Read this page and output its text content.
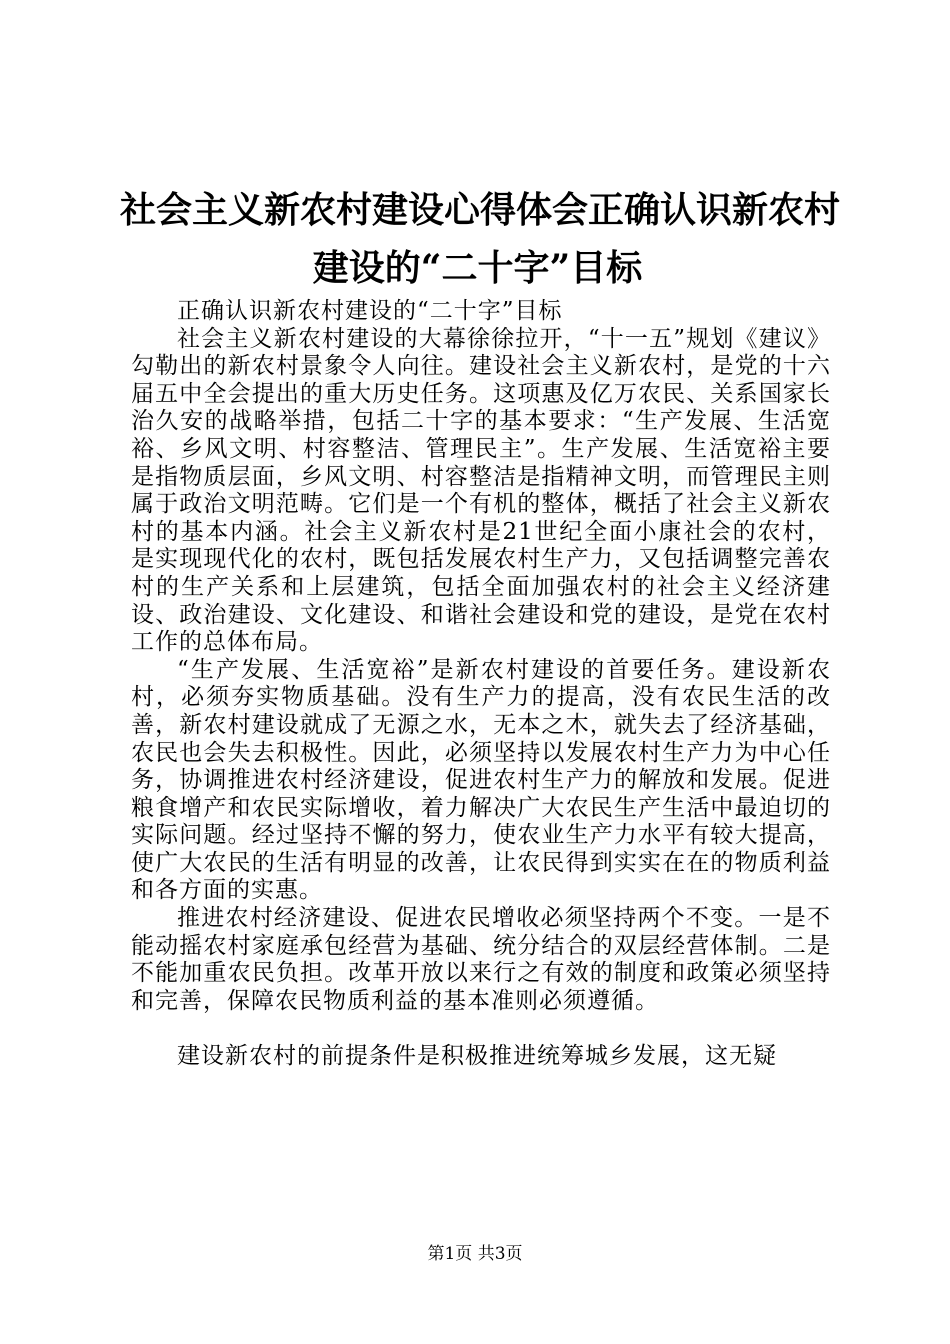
社会主义新农村建设心得体会正确认识新农村
建设的“二十字”目标

正确认识新农村建设的“二十字”目标

社会主义新农村建设的大幕徐徐拉开，“十一五”规划《建议》勾勒出的新农村景象令人向往。建设社会主义新农村，是党的十六届五中全会提出的重大历史任务。这项惠及亿万农民、关系国家长治久安的战略举措，包括二十字的基本要求：“生产发展、生活宽裕、乡风文明、村容整洁、管理民主”。生产发展、生活宽裕主要是指物质层面，乡风文明、村容整洁是指精神文明，而管理民主则属于政治文明范畴。它们是一个有机的整体，概括了社会主义新农村的基本内涵。社会主义新农村是21世纪全面小康社会的农村，是实现现代化的农村，既包括发展农村生产力，又包括调整完善农村的生产关系和上层建筑，包括全面加强农村的社会主义经济建设、政治建设、文化建设、和谐社会建设和党的建设，是党在农村工作的总体布局。

“生产发展、生活宽裕”是新农村建设的首要任务。建设新农村，必须夯实物质基础。没有生产力的提高，没有农民生活的改善，新农村建设就成了无源之水，无本之木，就失去了经济基础，农民也会失去积极性。因此，必须坚持以发展农村生产力为中心任务，协调推进农村经济建设，促进农村生产力的解放和发展。促进粮食增产和农民实际增收，着力解决广大农民生产生活中最迫切的实际问题。经过坚持不懈的努力，使农业生产力水平有较大提高，使广大农民的生活有明显的改善，让农民得到实实在在的物质利益和各方面的实惠。

推进农村经济建设、促进农民增收必须坚持两个不变。一是不能动摇农村家庭承包经营为基础、统分结合的双层经营体制。二是不能加重农民负担。改革开放以来行之有效的制度和政策必须坚持和完善，保障农民物质利益的基本准则必须遵循。

建设新农村的前提条件是积极推进统筹城乡发展，这无疑

第1页 共3页
